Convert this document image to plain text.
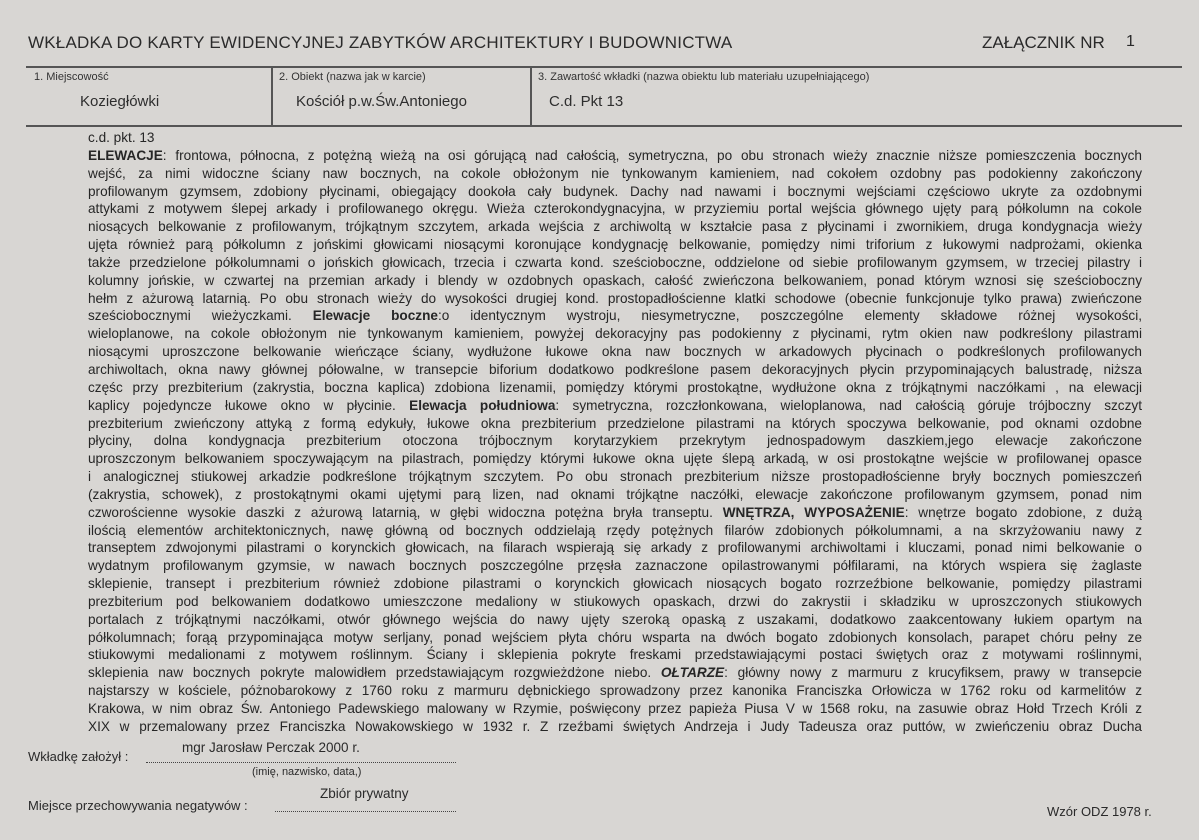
WKŁADKA DO KARTY EWIDENCYJNEJ ZABYTKÓW ARCHITEKTURY I BUDOWNICTWA	ZAŁĄCZNIK NR 1
1. Miejscowość
Koziegłówki
2. Obiekt (nazwa jak w karcie)
Kościół p.w.Św.Antoniego
3. Zawartość wkładki (nazwa obiektu lub materiału uzupełniającego)
C.d. Pkt 13
c.d. pkt. 13
ELEWACJE: frontowa, północna, z potężną wieżą na osi górującą nad całością, symetryczna, po obu stronach wieży znacznie niższe pomieszczenia bocznych
wejść, za nimi widoczne ściany naw bocznych, na cokole obłożonym nie tynkowanym kamieniem, nad cokołem ozdobny pas podokienny zakończony
profilowanym gzymsem, zdobiony płycinami, obiegający dookoła cały budynek. Dachy nad nawami i bocznymi wejściami częściowo ukryte za ozdobnymi
attykami z motywem ślepej arkady i profilowanego okręgu. Wieża czterokondygnacyjna, w przyziemiu portal wejścia głównego ujęty parą półkolumn na cokole
niosących belkowanie z profilowanym, trójkątnym szczytem, arkada wejścia z archiwoltą w kształcie pasa z płycinami i zwornikiem, druga kondygnacja wieży
ujęta również parą półkolumn z jońskimi głowicami niosącymi koronujące kondygnację belkowanie, pomiędzy nimi triforium z łukowymi nadprożami, okienka
także przedzielone półkolumnami o jońskich głowicach, trzecia i czwarta kond. sześcioboczne, oddzielone od siebie profilowanym gzymsem, w trzeciej pilastry i
kolumny jońskie, w czwartej na przemian arkady i blendy w ozdobnych opaskach, całość zwieńczona belkowaniem, ponad którym wznosi się sześcioboczny
hełm z ażurową latarnią. Po obu stronach wieży do wysokości drugiej kond. prostopadłościenne klatki schodowe (obecnie funkcjonuje tylko prawa) zwieńczone
sześciobocznymi wieżyczkami. Elewacje boczne:o identycznym wystroju, niesymetryczne, poszczególne elementy składowe różnej wysokości,
wieloplanowe, na cokole obłożonym nie tynkowanym kamieniem, powyżej dekoracyjny pas podokienny z płycinami, rytm okien naw podkreślony pilastrami
niosącymi uproszczone belkowanie wieńczące ściany, wydłużone łukowe okna naw bocznych w arkadowych płycinach o podkreślonych profilowanych
archiwoltach, okna nawy głównej półowalne, w transepcie biforium dodatkowo podkreślone pasem dekoracyjnych płycin przypominających balustradę, niższa
częśc przy prezbiterium (zakrystia, boczna kaplica) zdobiona lizenamii, pomiędzy którymi prostokątne, wydłużone okna z trójkątnymi naczółkami , na elewacji
kaplicy pojedyncze łukowe okno w płycinie. Elewacja południowa: symetryczna, rozczłonkowana, wieloplanowa, nad całością góruje trójboczny szczyt
prezbiterium zwieńczony attyką z formą edykuły, łukowe okna prezbiterium przedzielone pilastrami na których spoczywa belkowanie, pod oknami ozdobne
płyciny, dolna kondygnacja prezbiterium otoczona trójbocznym korytarzykiem przekrytym jednospadowym daszkiem,jego elewacje zakończone
uproszczonym belkowaniem spoczywającym na pilastrach, pomiędzy którymi łukowe okna ujęte ślepą arkadą, w osi prostokątne wejście w profilowanej opasce
i analogicznej stiukowej arkadzie podkreślone trójkątnym szczytem. Po obu stronach prezbiterium niższe prostopadłościenne bryły bocznych pomieszczeń
(zakrystia, schowek), z prostokątnymi okami ujętymi parą lizen, nad oknami trójkątne naczółki, elewacje zakończone profilowanym gzymsem, ponad nim
czworościenne wysokie daszki z ażurową latarnią, w głębi widoczna potężna bryła transeptu. WNĘTRZA, WYPOSAŻENIE: wnętrze bogato zdobione, z dużą
ilością elementów architektonicznych, nawę główną od bocznych oddzielają rzędy potężnych filarów zdobionych półkolumnami, a na skrzyżowaniu nawy z
transeptem zdwojonymi pilastrami o korynckich głowicach, na filarach wspierają się arkady z profilowanymi archiwoltami i kluczami, ponad nimi belkowanie o
wydatnym profilowanym gzymsie, w nawach bocznych poszczególne przęsła zaznaczone opilastrowanymi półfilarami, na których wspiera się żaglaste
sklepienie, transept i prezbiterium również zdobione pilastrami o korynckich głowicach niosących bogato rozrzeźbione belkowanie, pomiędzy pilastrami
prezbiterium pod belkowaniem dodatkowo umieszczone medaliony w stiukowych opaskach, drzwi do zakrystii i składziku w uproszczonych stiukowych
portalach z trójkątnymi naczółkami, otwór głównego wejścia do nawy ujęty szeroką opaską z uszakami, dodatkowo zaakcentowany łukiem opartym na
półkolumnach; forąą przypominająca motyw serljany, ponad wejściem płyta chóru wsparta na dwóch bogato zdobionych konsolach, parapet chóru pełny ze
stiukowymi medalionami z motywem roślinnym. Ściany i sklepienia pokryte freskami przedstawiającymi postaci świętych oraz z motywami roślinnymi,
sklepienia naw bocznych pokryte malowidłem przedstawiającym rozgwieżdżone niebo. OŁTARZE: główny nowy z marmuru z krucyfiksem, prawy w transepcie
najstarszy w kościele, póżnobarokowy z 1760 roku z marmuru dębnickiego sprowadzony przez kanonika Franciszka Orłowicza w 1762 roku od karmelitów z
Krakowa, w nim obraz Św. Antoniego Padewskiego malowany w Rzymie, poświęcony przez papieża Piusa V w 1568 roku, na zasuwie obraz Hołd Trzech Króli z
XIX w przemalowany przez Franciszka Nowakowskiego w 1932 r. Z rzeźbami świętych Andrzeja i Judy Tadeusza oraz puttów, w zwieńczeniu obraz Ducha
mgr Jarosław Perczak 2000 r.
Wkładkę założył :
(imię, nazwisko, data,)
Zbiór prywatny
Miejsce przechowywania negatywów :	Wzór ODZ 1978 r.
